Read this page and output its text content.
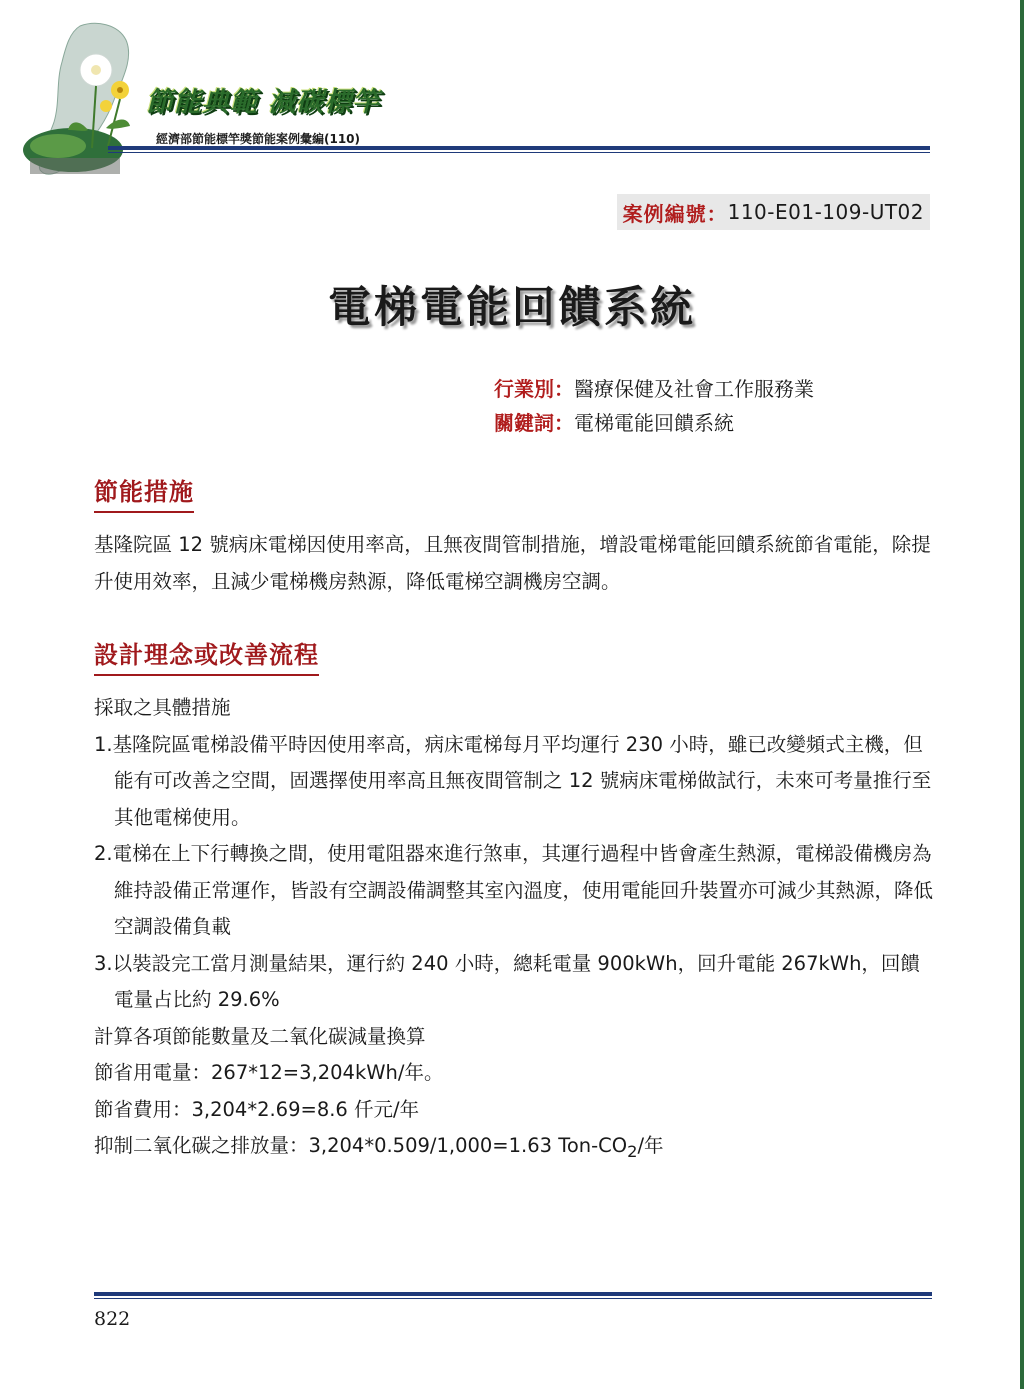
節能典範 減碳標竿
經濟部節能標竿獎節能案例彙編(110)
案例編號： 110-E01-109-UT02
電梯電能回饋系統
行業別：醫療保健及社會工作服務業
關鍵詞：電梯電能回饋系統
節能措施
基隆院區 12 號病床電梯因使用率高，且無夜間管制措施，增設電梯電能回饋系統節省電能，除提升使用效率，且減少電梯機房熱源，降低電梯空調機房空調。
設計理念或改善流程
採取之具體措施
1.基隆院區電梯設備平時因使用率高，病床電梯每月平均運行 230 小時，雖已改變頻式主機，但能有可改善之空間，固選擇使用率高且無夜間管制之 12 號病床電梯做試行，未來可考量推行至其他電梯使用。
2.電梯在上下行轉換之間，使用電阻器來進行煞車，其運行過程中皆會產生熱源，電梯設備機房為維持設備正常運作，皆設有空調設備調整其室內溫度，使用電能回升裝置亦可減少其熱源，降低空調設備負載
3.以裝設完工當月測量結果，運行約 240 小時，總耗電量 900kWh，回升電能 267kWh，回饋電量占比約 29.6%
計算各項節能數量及二氧化碳減量換算
節省用電量：267*12=3,204kWh/年。
節省費用：3,204*2.69=8.6 仟元/年
抑制二氧化碳之排放量：3,204*0.509/1,000=1.63 Ton-$CO_2/$年
822
